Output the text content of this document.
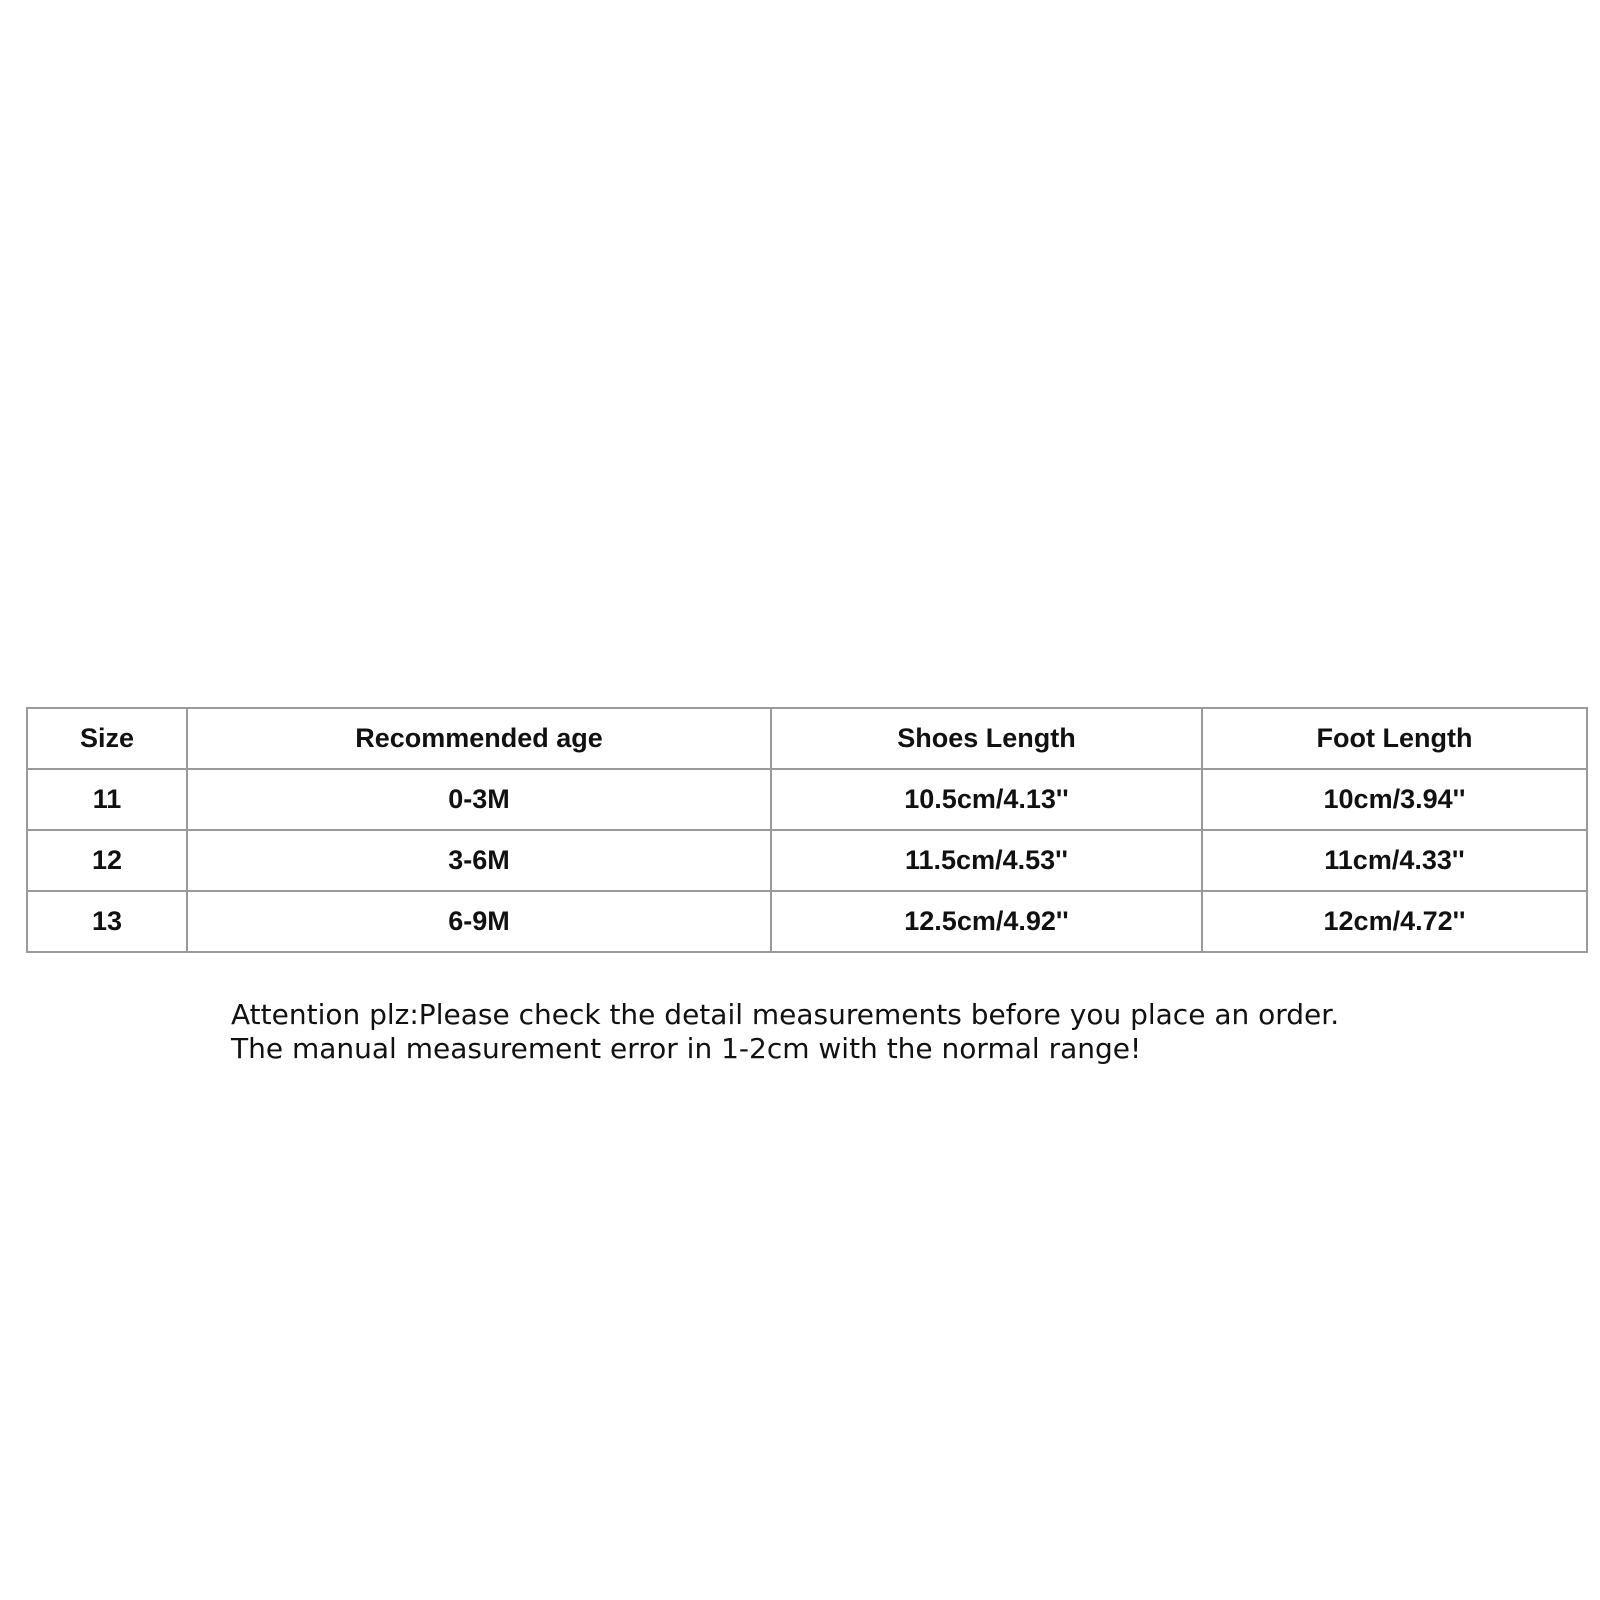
Size	Recommended age	Shoes Length	Foot Length
11	0-3M	10.5cm/4.13''	10cm/3.94''
12	3-6M	11.5cm/4.53''	11cm/4.33''
13	6-9M	12.5cm/4.92''	12cm/4.72''
Attention plz:Please check the detail measurements before you place an order.
The manual measurement error in 1-2cm with the normal range!
